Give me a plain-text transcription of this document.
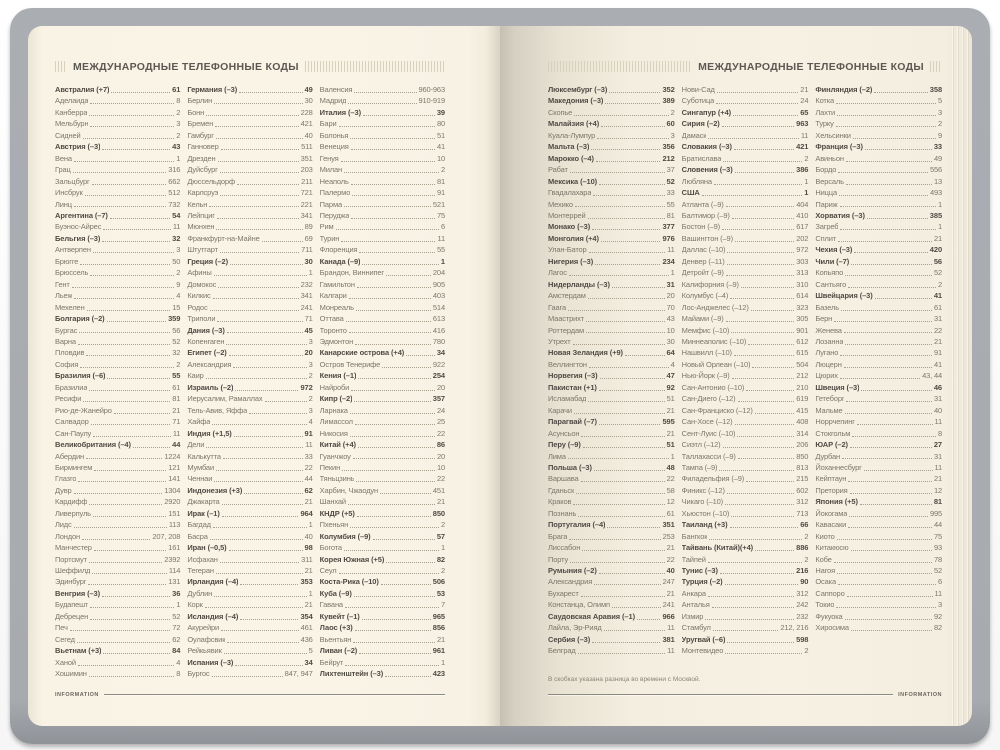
МЕЖДУНАРОДНЫЕ ТЕЛЕФОННЫЕ КОДЫ
Австралия (+7)	61
Аделаида	8
Канберра	2
Мельбурн	3
Сидней	2
Австрия (–3)	43
Вена	1
Грац	316
Зальцбург	662
Инсбрук	512
Линц	732
Аргентина (–7)	54
Буэнос-Айрес	11
Бельгия (–3)	32
Антверпен	3
Брюгге	50
Брюссель	2
Гент	9
Льеж	4
Мехелен	15
Болгария (–2)	359
Бургас	56
Варна	52
Пловдив	32
София	2
Бразилия (–6)	55
Бразилиа	61
Ресифи	81
Рио-де-Жанейро	21
Салвадор	71
Сан-Паулу	11
Великобритания (–4)	44
Абердин	1224
Бирмингем	121
Глазго	141
Дувр	1304
Кардифф	2920
Ливерпуль	151
Лидс	113
Лондон	207, 208
Манчестер	161
Портсмут	2392
Шеффилд	114
Эдинбург	131
Венгрия (–3)	36
Будапешт	1
Дебрецен	52
Печ	72
Сегед	62
Вьетнам (+3)	84
Ханой	4
Хошимин	8
Германия (–3)	49
Берлин	30
Бонн	228
Бремен	421
Гамбург	40
Ганновер	511
Дрезден	351
Дуйсбург	203
Дюссельдорф	211
Карлсруэ	721
Кельн	221
Лейпциг	341
Мюнхен	89
Франкфурт-на-Майне	69
Штутгарт	711
Греция (–2)	30
Афины	1
Домокос	232
Килкис	341
Родос	241
Триполи	71
Дания (–3)	45
Копенгаген	3
Египет (–2)	20
Александрия	3
Каир	2
Израиль (–2)	972
Иерусалим, Рамаллах	2
Тель-Авив, Яффа	3
Хайфа	4
Индия (+1,5)	91
Дели	11
Калькутта	33
Мумбаи	22
Ченнаи	44
Индонезия (+3)	62
Джакарта	21
Ирак (–1)	964
Багдад	1
Басра	40
Иран (–0,5)	98
Исфахан	311
Тегеран	21
Ирландия (–4)	353
Дублин	1
Корк	21
Исландия (–4)	354
Акурейри	461
Оулафсвик	436
Рейкьявик	5
Испания (–3)	34
Бургос	847, 947
Валенсия	960-963
Мадрид	910-919
Италия (–3)	39
Бари	80
Болонья	51
Венеция	41
Генуя	10
Милан	2
Неаполь	81
Палермо	91
Парма	521
Перуджа	75
Рим	6
Турин	11
Флоренция	55
Канада (–9)	1
Брандон, Виннипег	204
Гамильтон	905
Калгари	403
Монреаль	514
Оттава	613
Торонто	416
Эдмонтон	780
Канарские острова (+4)	34
Остров Тенерифе	922
Кения (–1)	254
Найроби	20
Кипр (–2)	357
Ларнака	24
Лимассол	25
Никосия	22
Китай (+4)	86
Гуанчжоу	20
Пекин	10
Тяньцзинь	22
Харбин, Чжаодун	451
Шанхай	21
КНДР (+5)	850
Пхеньян	2
Колумбия (–9)	57
Богота	1
Корея Южная (+5)	82
Сеул	2
Коста-Рика (–10)	506
Куба (–9)	53
Гавана	7
Кувейт (–1)	965
Лаос (+3)	856
Вьентьян	21
Ливан (–2)	961
Бейрут	1
Лихтенштейн (–3)	423
INFORMATION
МЕЖДУНАРОДНЫЕ ТЕЛЕФОННЫЕ КОДЫ
Люксембург (–3)	352
Македония (–3)	389
Скопье	2
Малайзия (+4)	60
Куала-Лумпур	3
Мальта (–3)	356
Марокко (–4)	212
Рабат	37
Мексика (–10)	52
Гвадалахара	33
Мехико	55
Монтеррей	81
Монако (–3)	377
Монголия (+4)	976
Улан-Батор	11
Нигерия (–3)	234
Лагос	1
Нидерланды (–3)	31
Амстердам	20
Гаага	70
Маастрихт	43
Роттердам	10
Утрехт	30
Новая Зеландия (+9)	64
Веллингтон	4
Норвегия (–3)	47
Пакистан (+1)	92
Исламабад	51
Карачи	21
Парагвай (–7)	595
Асунсьон	21
Перу (–9)	51
Лима	1
Польша (–3)	48
Варшава	22
Гданьск	58
Краков	12
Познань	61
Португалия (–4)	351
Брага	253
Лиссабон	21
Порту	22
Румыния (–2)	40
Александрия	247
Бухарест	21
Констанца, Олимп	241
Саудовская Аравия (–1)	966
Лайла, Эр-Рияд	11
Сербия (–3)	381
Белград	11
Нови-Сад	21
Суботица	24
Сингапур (+4)	65
Сирия (–2)	963
Дамаск	11
Словакия (–3)	421
Братислава	2
Словения (–3)	386
Любляна	1
США	1
Атланта (–9)	404
Балтимор (–9)	410
Бостон (–9)	617
Вашингтон (–9)	202
Даллас (–10)	972
Денвер (–11)	303
Детройт (–9)	313
Калифорния (–9)	310
Колумбус (–4)	614
Лос-Анджелес (–12)	323
Майами (–9)	305
Мемфис (–10)	901
Миннеаполис (–10)	612
Нашвилл (–10)	615
Новый Орлеан (–10)	504
Нью-Йорк (–9)	212
Сан-Антонио (–10)	210
Сан-Диего (–12)	619
Сан-Франциско (–12)	415
Сан-Хосе (–12)	408
Сент-Луис (–10)	314
Сиэтл (–12)	206
Таллахасси (–9)	850
Тампа (–9)	813
Филадельфия (–9)	215
Финикс (–12)	602
Чикаго (–10)	312
Хьюстон (–10)	713
Таиланд (+3)	66
Бангкок	2
Тайвань (Китай)(+4)	886
Тайпей	2
Тунис (–3)	216
Турция (–2)	90
Анкара	312
Анталья	242
Измир	232
Стамбул	212, 216
Уругвай (–6)	598
Монтевидео	2
Финляндия (–2)	358
Котка	5
Лахти	3
Турку	2
Хельсинки	9
Франция (–3)	33
Авиньон	49
Бордо	556
Версаль	13
Ницца	493
Париж	1
Хорватия (–3)	385
Загреб	1
Сплит	21
Чехия (–3)	420
Чили (–7)	56
Копьяпо	52
Сантьяго	2
Швейцария (–3)	41
Базель	61
Берн	31
Женева	22
Лозанна	21
Лугано	91
Люцерн	41
Цюрих	43, 44
Швеция (–3)	46
Гетеборг	31
Мальме	40
Норрчепинг	11
Стокгольм	8
ЮАР (–2)	27
Дурбан	31
Йоханнесбург	11
Кейптаун	21
Претория	12
Япония (+5)	81
Йокогама	995
Кавасаки	44
Киото	75
Китакюсю	93
Кобе	78
Нагоя	52
Осака	6
Саппоро	11
Токио	3
Фукуока	92
Хиросима	82
В скобках указана разница во времени с Москвой.
INFORMATION
